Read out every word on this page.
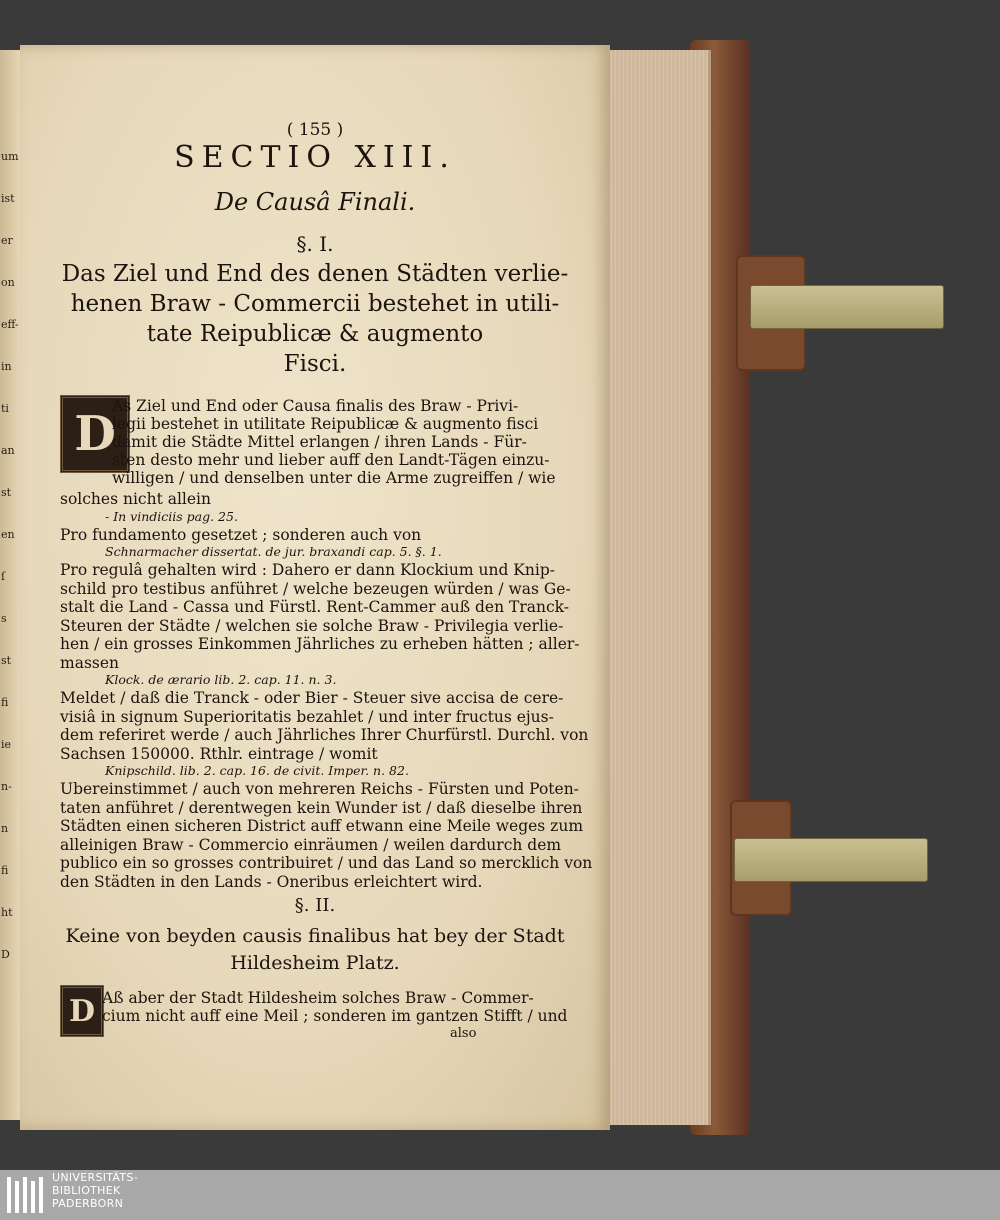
um
ist
er
on
eff-
in
ti
an
st
en
ſ
s
st
fi
ie
n-
n
fi
ht
D
( 155 )
SECTIO XIII.
De Causâ Finali.
§. I.
Das Ziel und End des denen Städten verlie-
henen Braw - Commercii bestehet in utili-
tate Reipublicæ & augmento
Fisci.
D
As Ziel und End oder Causa finalis des Braw - Privi-
legii bestehet in utilitate Reipublicæ & augmento fisci
damit die Städte Mittel erlangen / ihren Lands - Für-
sten desto mehr und lieber auff den Landt-Tägen einzu-
willigen / und denselben unter die Arme zugreiffen / wie
§. II.
Keine von beyden causis finalibus hat bey der Stadt
Hildesheim Platz.
D Aß aber der Stadt Hildesheim solches Braw - Commer-
cium nicht auff eine Meil ; sonderen im gantzen Stifft / und
also
solches nicht allein
- In vindiciis pag. 25.
Pro fundamento gesetzet ; sonderen auch von
Schnarmacher dissertat. de jur. braxandi cap. 5. §. 1.
Pro regulâ gehalten wird : Dahero er dann Klockium und Knip-
schild pro testibus anführet / welche bezeugen würden / was Ge-
stalt die Land - Cassa und Fürstl. Rent-Cammer auß den Tranck-
Steuren der Städte / welchen sie solche Braw - Privilegia verlie-
hen / ein grosses Einkommen Jährliches zu erheben hätten ; aller-
massen
Klock. de ærario lib. 2. cap. 11. n. 3.
Meldet / daß die Tranck - oder Bier - Steuer sive accisa de cere-
visiâ in signum Superioritatis bezahlet / und inter fructus ejus-
dem referiret werde / auch Jährliches Ihrer Churfürstl. Durchl. von
Sachsen 150000. Rthlr. eintrage / womit
Knipschild. lib. 2. cap. 16. de civit. Imper. n. 82.
Ubereinstimmet / auch von mehreren Reichs - Fürsten und Poten-
taten anführet / derentwegen kein Wunder ist / daß dieselbe ihren
Städten einen sicheren District auff etwann eine Meile weges zum
alleinigen Braw - Commercio einräumen / weilen dardurch dem
publico ein so grosses contribuiret / und das Land so mercklich von
den Städten in den Lands - Oneribus erleichtert wird.
UNIVERSITÄTS-
BIBLIOTHEK
PADERBORN
